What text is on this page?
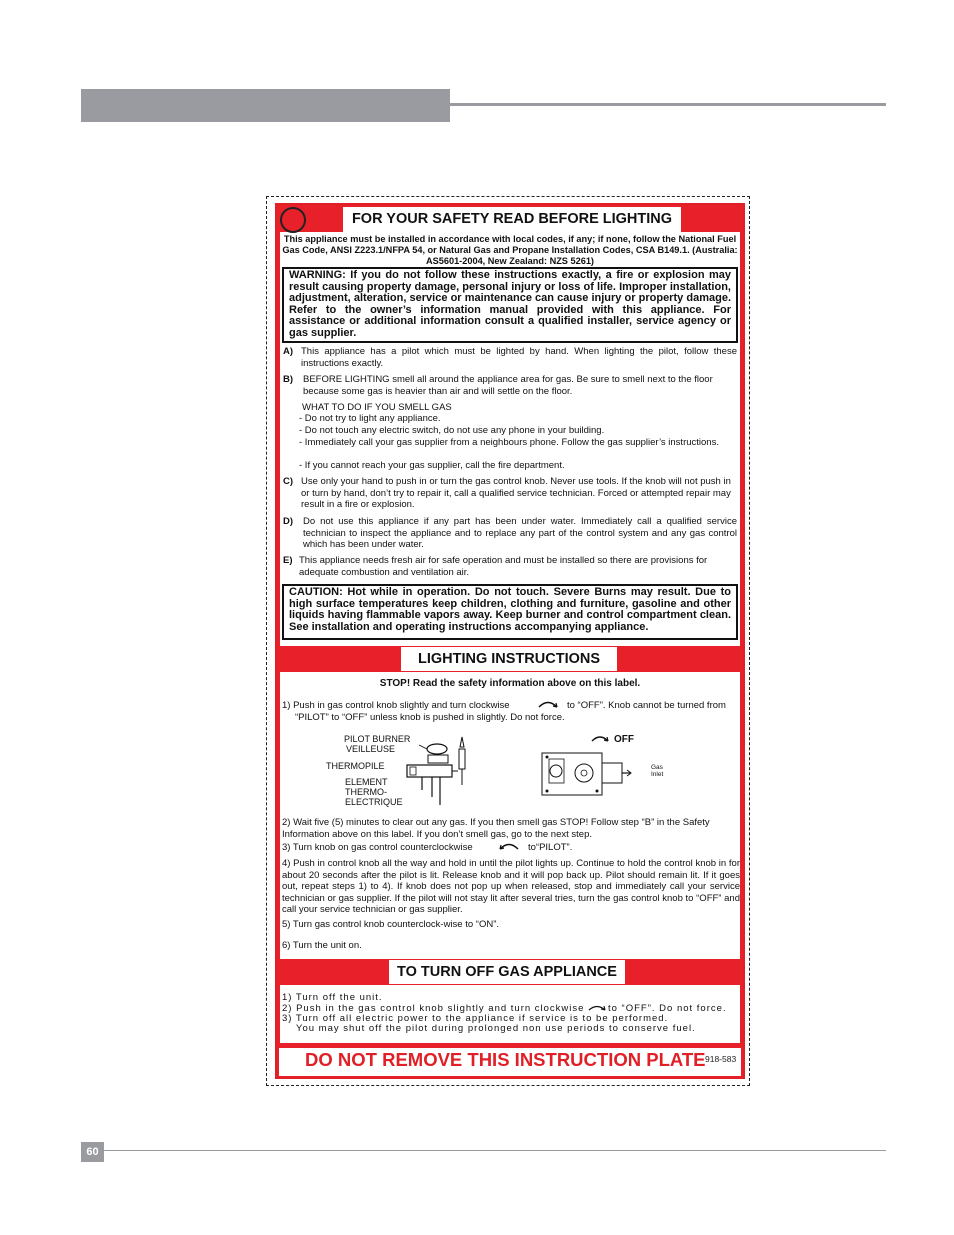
FOR YOUR SAFETY READ BEFORE LIGHTING
This appliance must be installed in accordance with local codes, if any; if none, follow the National Fuel Gas Code, ANSI Z223.1/NFPA 54, or Natural Gas and Propane Installation Codes, CSA B149.1. (Australia: AS5601-2004, New Zealand: NZS 5261)
WARNING: If you do not follow these instructions exactly, a fire or explosion may result causing property damage, personal injury or loss of life. Improper installation, adjustment, alteration, service or maintenance can cause injury or property damage. Refer to the owner’s information manual provided with this appliance. For assistance or additional information consult a qualified installer, service agency or gas supplier.
A) This appliance has a pilot which must be lighted by hand. When lighting the pilot, follow these instructions exactly.
B) BEFORE LIGHTING smell all around the appliance area for gas. Be sure to smell next to the floor because some gas is heavier than air and will settle on the floor.
WHAT TO DO IF YOU SMELL GAS
- Do not try to light any appliance.
- Do not touch any electric switch, do not use any phone in your building.
- Immediately call your gas supplier from a neighbours phone. Follow the gas supplier’s instructions.
- If you cannot reach your gas supplier, call the fire department.
C) Use only your hand to push in or turn the gas control knob. Never use tools. If the knob will not push in or turn by hand, don’t try to repair it, call a qualified service technician. Forced or attempted repair may result in a fire or explosion.
D) Do not use this appliance if any part has been under water. Immediately call a qualified service technician to inspect the appliance and to replace any part of the control system and any gas control which has been under water.
E) This appliance needs fresh air for safe operation and must be installed so there are provisions for adequate combustion and ventilation air.
CAUTION: Hot while in operation. Do not touch. Severe Burns may result. Due to high surface temperatures keep children, clothing and furniture, gasoline and other liquids having flammable vapors away. Keep burner and control compartment clean. See installation and operating instructions accompanying appliance.
LIGHTING INSTRUCTIONS
STOP! Read the safety information above on this label.
1) Push in gas control knob slightly and turn clockwise	to “OFF”. Knob cannot be turned from
“PILOT” to “OFF” unless knob is pushed in slightly. Do not force.
PILOT BURNER
VEILLEUSE
THERMOPILE
ELEMENT
THERMO-
ELECTRIQUE
OFF
Gas
Inlet
2) Wait five (5) minutes to clear out any gas. If you then smell gas STOP! Follow step “B” in the Safety Information above on this label. If you don’t smell gas, go to the next step.
3) Turn knob on gas control counterclockwise	to“PILOT”.
4) Push in control knob all the way and hold in until the pilot lights up. Continue to hold the control knob in for about 20 seconds after the pilot is lit. Release knob and it will pop back up. Pilot should remain lit. If it goes out, repeat steps 1) to 4). If knob does not pop up when released, stop and immediately call your service technician or gas supplier. If the pilot will not stay lit after several tries, turn the gas control knob to “OFF” and call your service technician or gas supplier.
5) Turn gas control knob counterclock-wise to “ON”.
6) Turn the unit on.
TO TURN OFF GAS APPLIANCE
1) Turn off the unit.
2) Push in the gas control knob slightly and turn clockwise to “OFF”. Do not force.
3) Turn off all electric power to the appliance if service is to be performed.
You may shut off the pilot during prolonged non use periods to conserve fuel.
DO NOT REMOVE THIS INSTRUCTION PLATE 918-583
60
